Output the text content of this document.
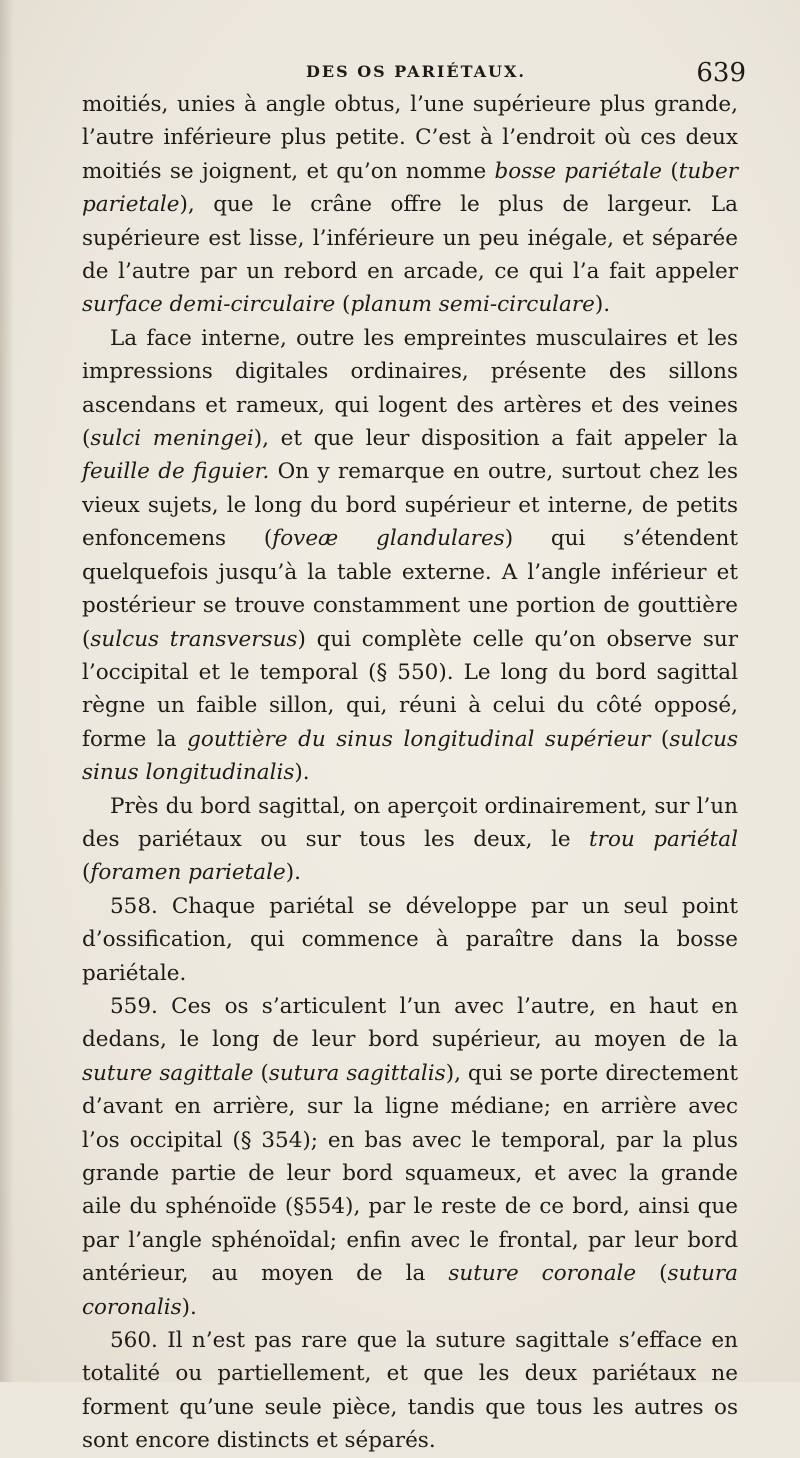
DES OS PARIÉTAUX.	639

moitiés, unies à angle obtus, l’une supérieure plus grande, l’autre inférieure plus petite. C’est à l’endroit où ces deux moitiés se joignent, et qu’on nomme bosse pariétale (tuber parietale), que le crâne offre le plus de largeur. La supérieure est lisse, l’inférieure un peu inégale, et séparée de l’autre par un rebord en arcade, ce qui l’a fait appeler surface demi-circulaire (planum semi-circulare).

La face interne, outre les empreintes musculaires et les impressions digitales ordinaires, présente des sillons ascendans et rameux, qui logent des artères et des veines (sulci meningei), et que leur disposition a fait appeler la feuille de figuier. On y remarque en outre, surtout chez les vieux sujets, le long du bord supérieur et interne, de petits enfoncemens (foveæ glandulares) qui s’étendent quelquefois jusqu’à la table externe. A l’angle inférieur et postérieur se trouve constamment une portion de gouttière (sulcus transversus) qui complète celle qu’on observe sur l’occipital et le temporal (§ 550). Le long du bord sagittal règne un faible sillon, qui, réuni à celui du côté opposé, forme la gouttière du sinus longitudinal supérieur (sulcus sinus longitudinalis).

Près du bord sagittal, on aperçoit ordinairement, sur l’un des pariétaux ou sur tous les deux, le trou pariétal (foramen parietale).

558. Chaque pariétal se développe par un seul point d’ossification, qui commence à paraître dans la bosse pariétale.

559. Ces os s’articulent l’un avec l’autre, en haut en dedans, le long de leur bord supérieur, au moyen de la suture sagittale (sutura sagittalis), qui se porte directement d’avant en arrière, sur la ligne médiane; en arrière avec l’os occipital (§ 354); en bas avec le temporal, par la plus grande partie de leur bord squameux, et avec la grande aile du sphénoïde (§554), par le reste de ce bord, ainsi que par l’angle sphénoïdal; enfin avec le frontal, par leur bord antérieur, au moyen de la suture coronale (sutura coronalis).

560. Il n’est pas rare que la suture sagittale s’efface en totalité ou partiellement, et que les deux pariétaux ne forment qu’une seule pièce, tandis que tous les autres os sont encore distincts et séparés.
